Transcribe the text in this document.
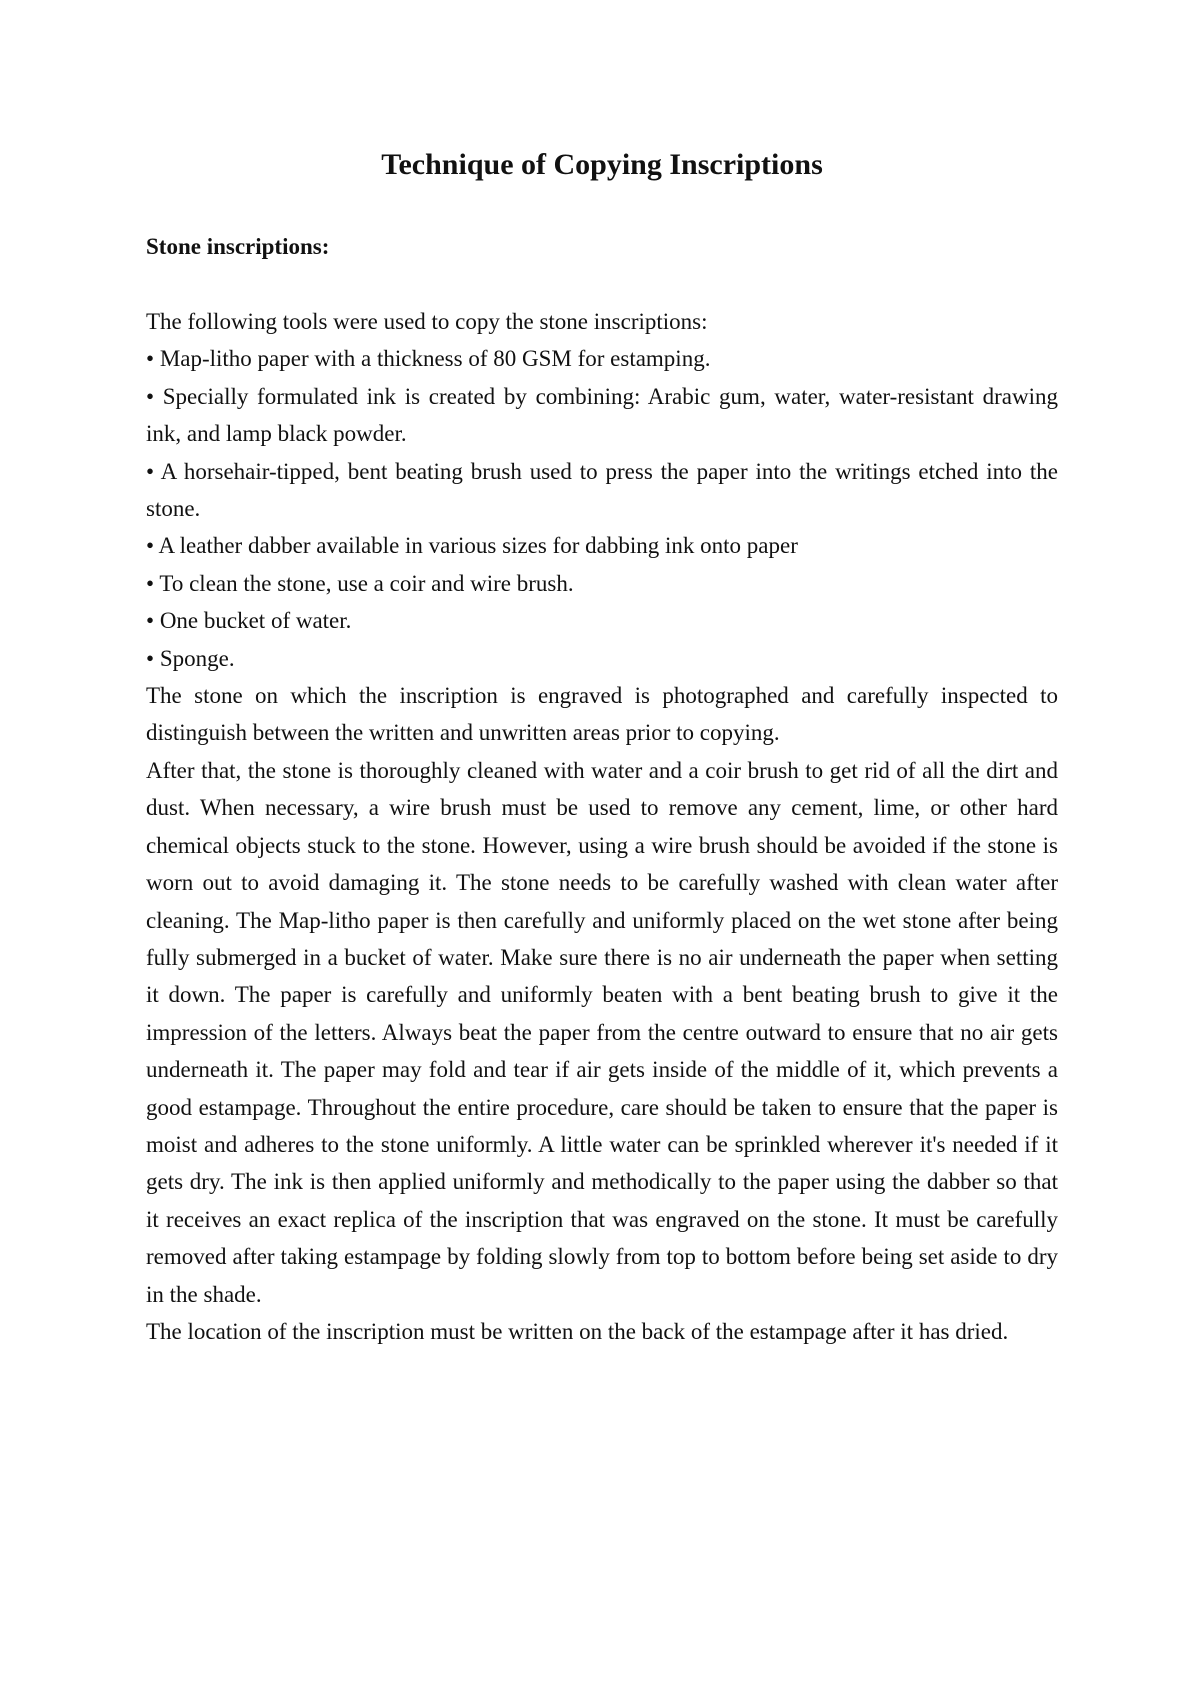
Technique of Copying Inscriptions
Stone inscriptions:

The following tools were used to copy the stone inscriptions:

• Map-litho paper with a thickness of 80 GSM for estamping.
• Specially formulated ink is created by combining: Arabic gum, water, water-resistant drawing ink, and lamp black powder.
• A horsehair-tipped, bent beating brush used to press the paper into the writings etched into the stone.
• A leather dabber available in various sizes for dabbing ink onto paper
• To clean the stone, use a coir and wire brush.
• One bucket of water.
• Sponge.

The stone on which the inscription is engraved is photographed and carefully inspected to distinguish between the written and unwritten areas prior to copying.

After that, the stone is thoroughly cleaned with water and a coir brush to get rid of all the dirt and dust. When necessary, a wire brush must be used to remove any cement, lime, or other hard chemical objects stuck to the stone. However, using a wire brush should be avoided if the stone is worn out to avoid damaging it. The stone needs to be carefully washed with clean water after cleaning. The Map-litho paper is then carefully and uniformly placed on the wet stone after being fully submerged in a bucket of water. Make sure there is no air underneath the paper when setting it down. The paper is carefully and uniformly beaten with a bent beating brush to give it the impression of the letters. Always beat the paper from the centre outward to ensure that no air gets underneath it. The paper may fold and tear if air gets inside of the middle of it, which prevents a good estampage. Throughout the entire procedure, care should be taken to ensure that the paper is moist and adheres to the stone uniformly. A little water can be sprinkled wherever it's needed if it gets dry. The ink is then applied uniformly and methodically to the paper using the dabber so that it receives an exact replica of the inscription that was engraved on the stone. It must be carefully removed after taking estampage by folding slowly from top to bottom before being set aside to dry in the shade.

The location of the inscription must be written on the back of the estampage after it has dried.
